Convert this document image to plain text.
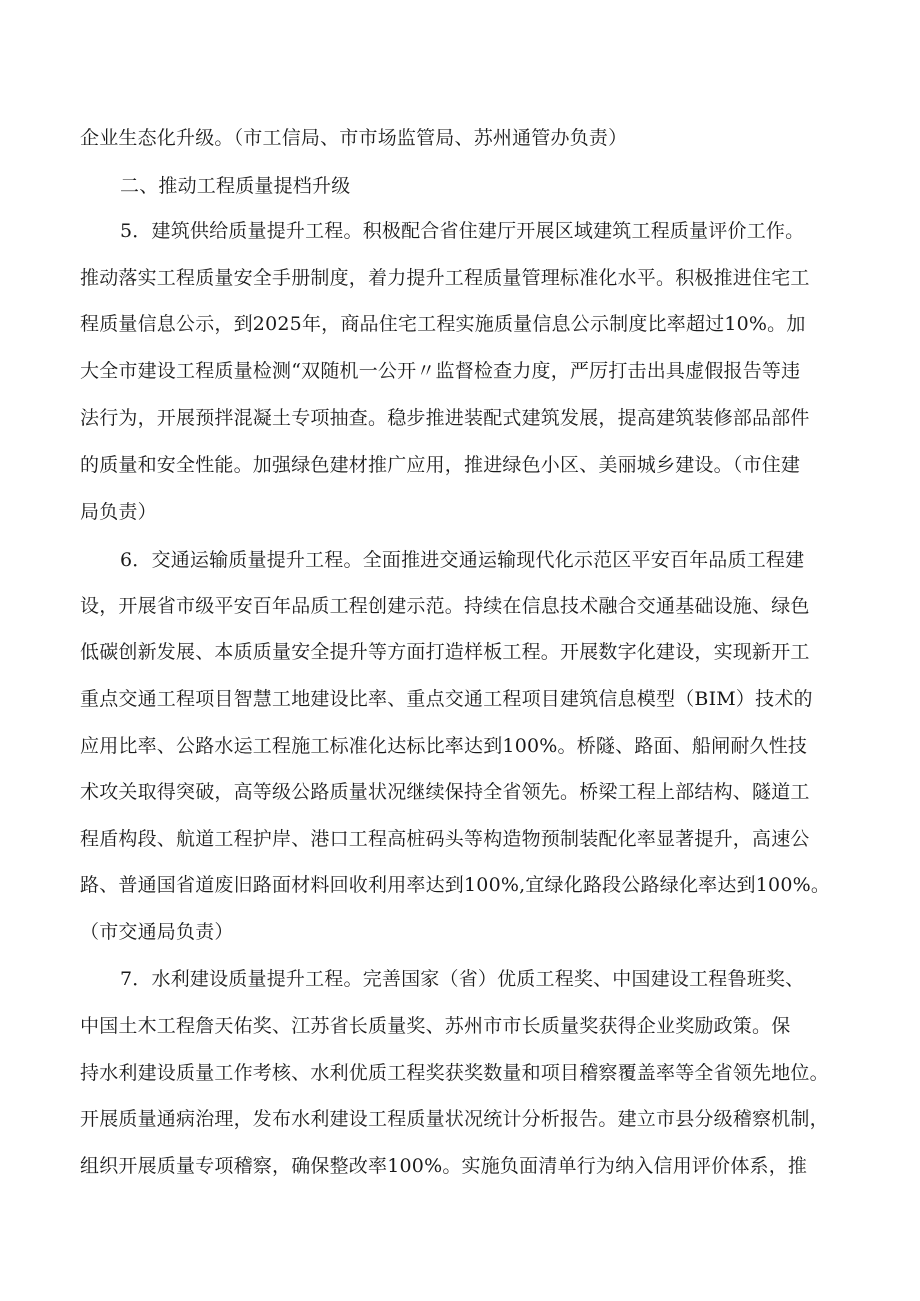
企业生态化升级。（市工信局、市市场监管局、苏州通管办负责）
二、推动工程质量提档升级
5．建筑供给质量提升工程。积极配合省住建厅开展区域建筑工程质量评价工作。
推动落实工程质量安全手册制度，着力提升工程质量管理标准化水平。积极推进住宅工
程质量信息公示，到2025年，商品住宅工程实施质量信息公示制度比率超过10%。加
大全市建设工程质量检测“双随机一公开〃监督检查力度，严厉打击出具虚假报告等违
法行为，开展预拌混凝土专项抽查。稳步推进装配式建筑发展，提高建筑装修部品部件
的质量和安全性能。加强绿色建材推广应用，推进绿色小区、美丽城乡建设。（市住建
局负责）
6．交通运输质量提升工程。全面推进交通运输现代化示范区平安百年品质工程建
设，开展省市级平安百年品质工程创建示范。持续在信息技术融合交通基础设施、绿色
低碳创新发展、本质质量安全提升等方面打造样板工程。开展数字化建设，实现新开工
重点交通工程项目智慧工地建设比率、重点交通工程项目建筑信息模型（BIM）技术的
应用比率、公路水运工程施工标准化达标比率达到100%。桥隧、路面、船闸耐久性技
术攻关取得突破，高等级公路质量状况继续保持全省领先。桥梁工程上部结构、隧道工
程盾构段、航道工程护岸、港口工程高桩码头等构造物预制装配化率显著提升，高速公
路、普通国省道废旧路面材料回收利用率达到100%,宜绿化路段公路绿化率达到100%。
（市交通局负责）
7．水利建设质量提升工程。完善国家（省）优质工程奖、中国建设工程鲁班奖、
中国土木工程詹天佑奖、江苏省长质量奖、苏州市市长质量奖获得企业奖励政策。保
持水利建设质量工作考核、水利优质工程奖获奖数量和项目稽察覆盖率等全省领先地位。
开展质量通病治理，发布水利建设工程质量状况统计分析报告。建立市县分级稽察机制，
组织开展质量专项稽察，确保整改率100%。实施负面清单行为纳入信用评价体系，推
